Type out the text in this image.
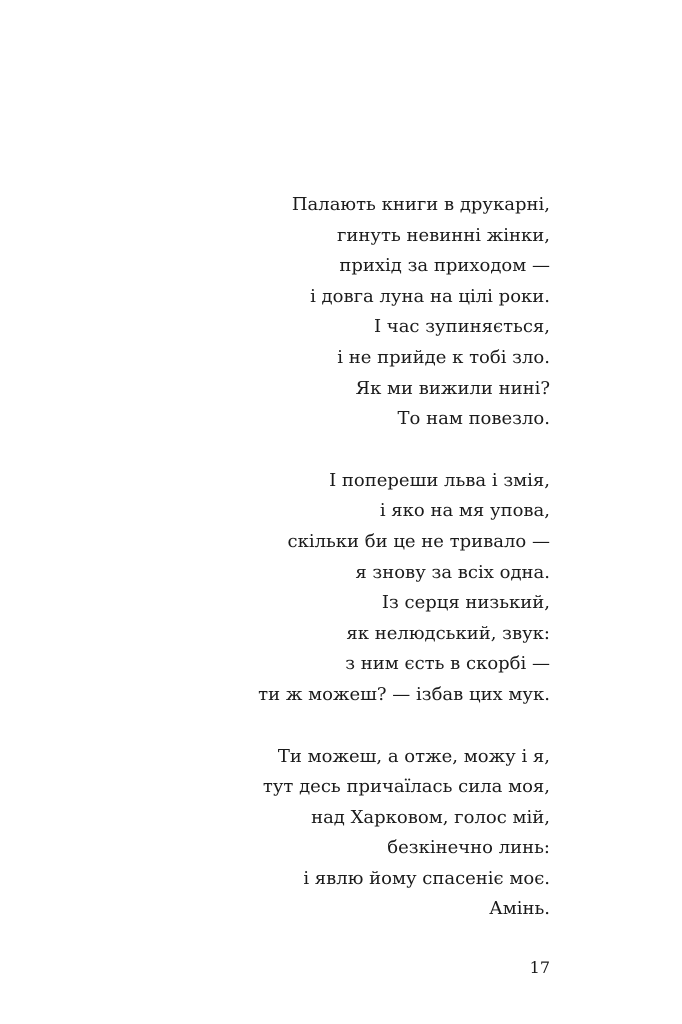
Палають книги в друкарні,
гинуть невинні жінки,
прихід за приходом —
і довга луна на цілі роки.
І час зупиняється,
і не прийде к тобі зло.
Як ми вижили нині?
То нам повезло.
І попереши льва і змія,
і яко на мя упова,
скільки би це не тривало —
я знову за всіх одна.
Із серця низький,
як нелюдський, звук:
з ним єсть в скорбі —
ти ж можеш? — ізбав цих мук.
Ти можеш, а отже, можу і я,
тут десь причаїлась сила моя,
над Харковом, голос мій,
безкінечно линь:
і явлю йому спасеніє моє.
Амінь.
17
